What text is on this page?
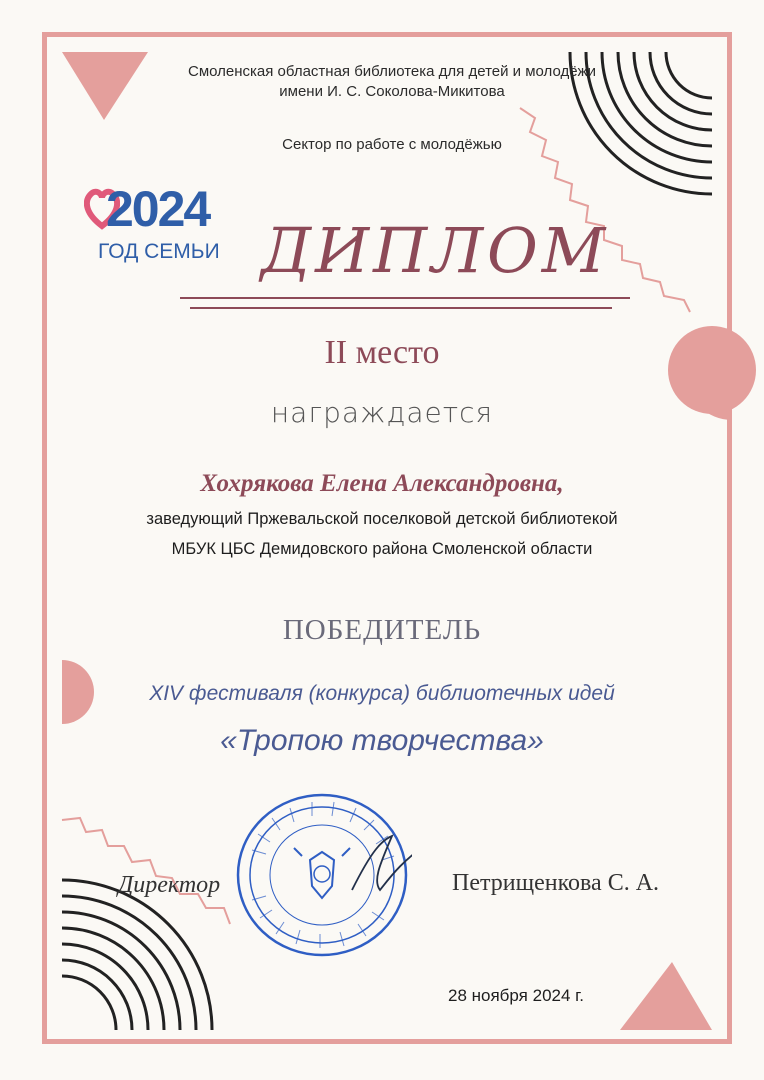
Смоленская областная библиотека для детей и молодёжи
имени И. С. Соколова-Микитова

Сектор по работе с молодёжью

2024
ГОД СЕМЬИ ДИПЛОМ

II место

награждается

Хохрякова Елена Александровна,

заведующий Пржевальской поселковой детской библиотекой

МБУК ЦБС Демидовского района Смоленской области

ПОБЕДИТЕЛЬ

XIV фестиваля (конкурса) библиотечных идей

«Тропою творчества»

Директор	Петрищенкова С. А.
28 ноября 2024 г.
